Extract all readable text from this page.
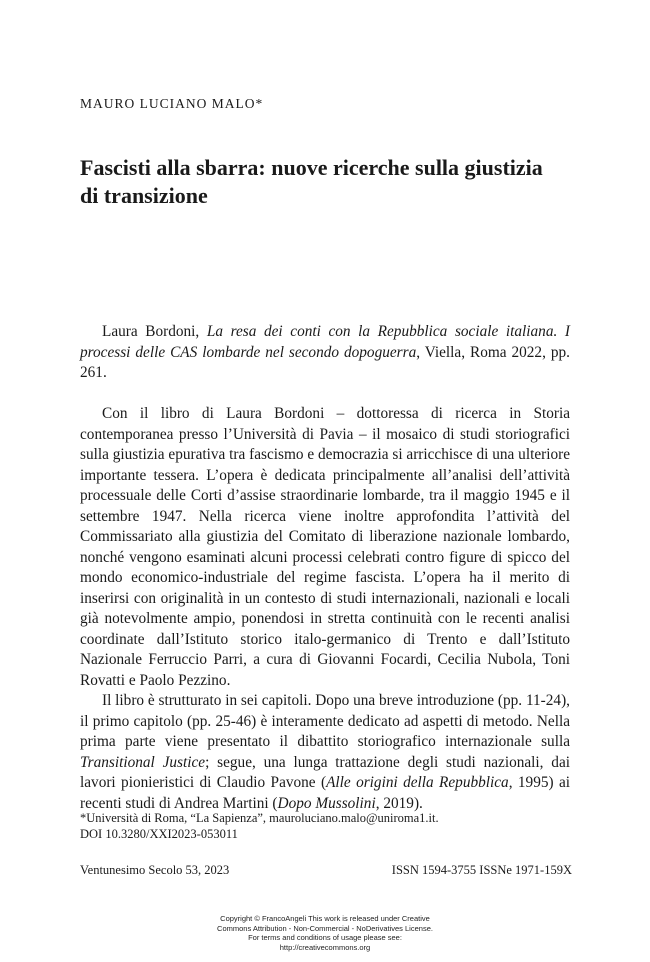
MAURO LUCIANO MALO*
Fascisti alla sbarra: nuove ricerche sulla giustizia di transizione

Laura Bordoni, La resa dei conti con la Repubblica sociale italiana. I processi delle CAS lombarde nel secondo dopoguerra, Viella, Roma 2022, pp. 261.

Con il libro di Laura Bordoni – dottoressa di ricerca in Storia contemporanea presso l’Università di Pavia – il mosaico di studi storiografici sulla giustizia epurativa tra fascismo e democrazia si arricchisce di una ulteriore importante tessera. L’opera è dedicata principalmente all’analisi dell’attività processuale delle Corti d’assise straordinarie lombarde, tra il maggio 1945 e il settembre 1947. Nella ricerca viene inoltre approfondita l’attività del Commissariato alla giustizia del Comitato di liberazione nazionale lombardo, nonché vengono esaminati alcuni processi celebrati contro figure di spicco del mondo economico-industriale del regime fascista. L’opera ha il merito di inserirsi con originalità in un contesto di studi internazionali, nazionali e locali già notevolmente ampio, ponendosi in stretta continuità con le recenti analisi coordinate dall’Istituto storico italo-germanico di Trento e dall’Istituto Nazionale Ferruccio Parri, a cura di Giovanni Focardi, Cecilia Nubola, Toni Rovatti e Paolo Pezzino.

Il libro è strutturato in sei capitoli. Dopo una breve introduzione (pp. 11-24), il primo capitolo (pp. 25-46) è interamente dedicato ad aspetti di metodo. Nella prima parte viene presentato il dibattito storiografico internazionale sulla Transitional Justice; segue, una lunga trattazione degli studi nazionali, dai lavori pionieristici di Claudio Pavone (Alle origini della Repubblica, 1995) ai recenti studi di Andrea Martini (Dopo Mussolini, 2019).

*Università di Roma, “La Sapienza”, mauroluciano.malo@uniroma1.it.
DOI 10.3280/XXI2023-053011
Ventunesimo Secolo 53, 2023	ISSN 1594-3755 ISSNe 1971-159X
Copyright © FrancoAngeli This work is released under Creative
Commons Attribution - Non-Commercial - NoDerivatives License.
For terms and conditions of usage please see:
http://creativecommons.org
